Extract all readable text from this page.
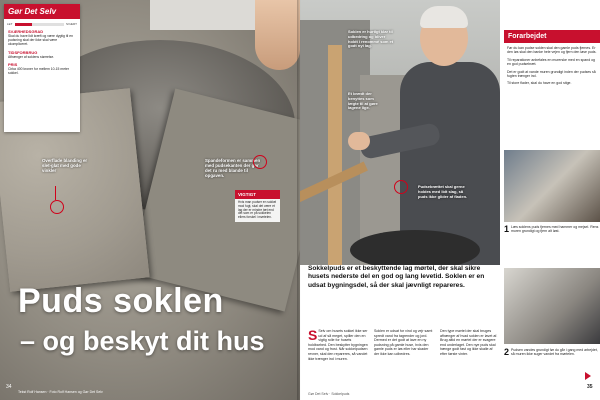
Gør Det Selv
LET	SVÆRT
SVÆRHEDSGRAD
Skal du have lidt kræft og være dygtig til en pudsning skal der ikke skal være ukompliceret.
TIDSFORBRUG
Afhænger af soklens størrelse.
PRIS
Cirka 400 kroner for mellem 10-15 meter sokkel.
Overflade blanding er slet-glat med gode vinkler
Spandeformen er sammen med pudsekanten der gør det ru med blande til opgaven.
VIGTIGT
Hvis man pudser en sokkel mod fugt, skal det være et lag der er mindre tæt end det som er på sokkelen ellers forskel i mørtelen.
Puds soklen
– og beskyt dit hus
34
Tekst Rolf Hansen · Foto Rolf Hansen og Gør Det Selv
Soklen er hurtigt klar til udbedring og bliver holdt i renommé som et godt nyt lag.
Et brædt der benyttes som lægte til at gøre lagene lige.
Pudsebrættet skal gerne holdes med lidt slag, så puds ikke glider af fladen.
Sokkelpuds er et beskyttende lag mørtel, der skal sikre husets nederste del en god og lang levetid. Soklen er en udsat bygningsdel, så der skal jævnligt repareres.
S Selv om husets sokkel ikke ser ud af så meget, spiller den en vigtig rolle for husets holdbarhed. Den beskytter bygningen mod vand og frost. Når sokkelpudsen revner, skal den repareres, så vandet ikke trænger ind i muren.
Soklen er udsat for vind og vejr samt spredt vand fra tagrender og jord. Dermed er det godt at lave en ny pudsning på gamle huse, hvis den gamle puds er løs eller har skader der ikke kan udbedres.
Den type mørtel der skal bruges afhænger af hvad soklen er lavet af. Brug altid en mørtel der er svagere end underlaget. Den nye puds skal hænge godt fast og ikke skalle af efter første vinter.
Gør Det Selv · Sokkelpuds
Forarbejdet

Før du kan pudse soklen skal den gamle puds fjernes. Er den løs skal den banke hele vejen og fjern den løse puds.

Til reparationer anbefales en murerske med en spand og en god pudsebræt.

Det er godt at vande muren grundigt inden der pudses så fugten trænger ind.

Til store flader, skal du have en god stige.

1 Læs soklens puds fjernes med hammer og mejsel. Rens muren grundigt og fjern alt løst.
2 Pudsen vandes grundigt før du går i gang med arbejdet, så muren ikke suger vandet fra mørtelen.
35
